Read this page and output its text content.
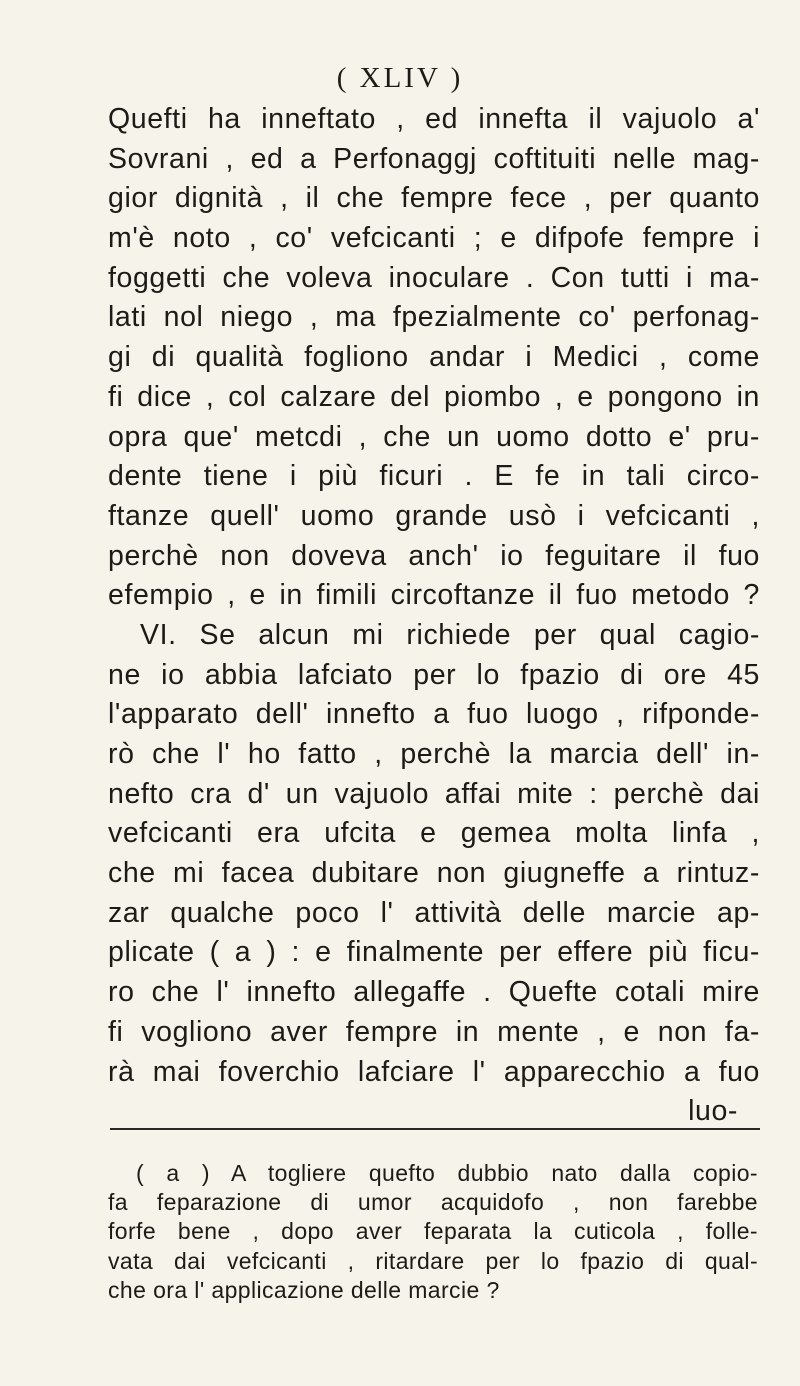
( XLIV )
Quefti ha inneftato , ed innefta il vajuolo a'
Sovrani , ed a Perfonaggj coftituiti nelle mag-
gior dignità , il che fempre fece , per quanto
m'è noto , co' vefcicanti ; e difpofe fempre i
foggetti che voleva inoculare . Con tutti i ma-
lati nol niego , ma fpezialmente co' perfonag-
gi di qualità fogliono andar i Medici , come
fi dice , col calzare del piombo , e pongono in
opra que' metcdi , che un uomo dotto e' pru-
dente tiene i più ficuri . E fe in tali circo-
ftanze quell' uomo grande usò i vefcicanti ,
perchè non doveva anch' io feguitare il fuo
efempio , e in fimili circoftanze il fuo metodo ?
VI. Se alcun mi richiede per qual cagio-
ne io abbia lafciato per lo fpazio di ore 45
l'apparato dell' innefto a fuo luogo , rifponde-
rò che l' ho fatto , perchè la marcia dell' in-
nefto cra d' un vajuolo affai mite : perchè dai
vefcicanti era ufcita e gemea molta linfa ,
che mi facea dubitare non giugneffe a rintuz-
zar qualche poco l' attività delle marcie ap-
plicate ( a ) : e finalmente per effere più ficu-
ro che l' innefto allegaffe . Quefte cotali mire
fi vogliono aver fempre in mente , e non fa-
rà mai foverchio lafciare l' apparecchio a fuo
luo-
( a ) A togliere quefto dubbio nato dalla copio-
fa feparazione di umor acquidofo , non farebbe
forfe bene , dopo aver feparata la cuticola , folle-
vata dai vefcicanti , ritardare per lo fpazio di qual-
che ora l' applicazione delle marcie ?
